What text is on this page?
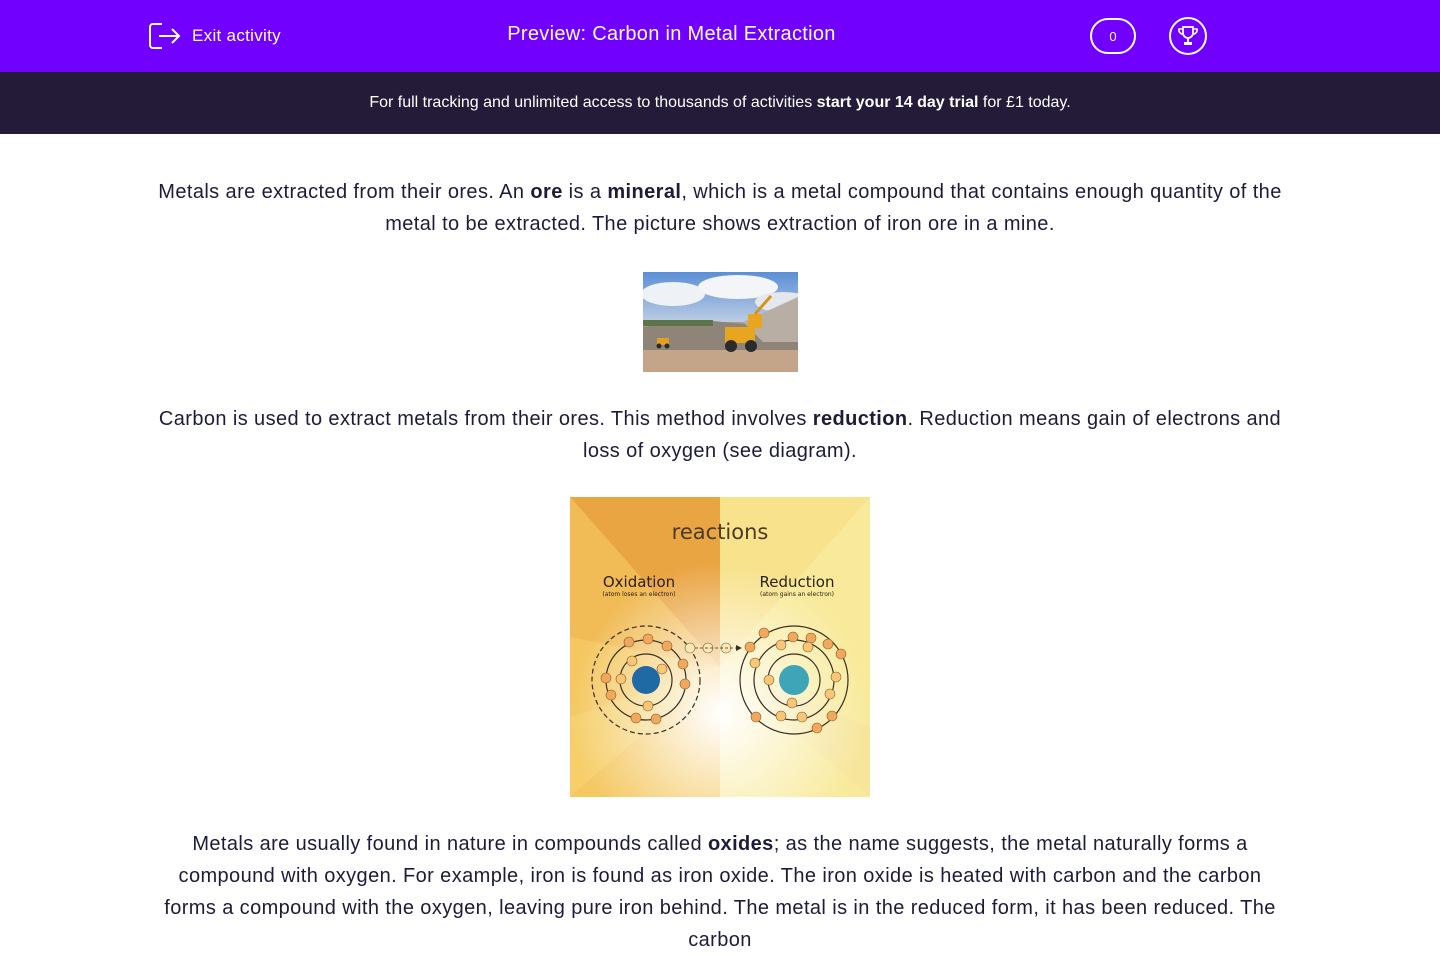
Exit activity	Preview: Carbon in Metal Extraction	0
For full tracking and unlimited access to thousands of activities start your 14 day trial for £1 today.

Metals are extracted from their ores. An ore is a mineral, which is a metal compound that contains enough quantity of the metal to be extracted. The picture shows extraction of iron ore in a mine.

Carbon is used to extract metals from their ores. This method involves reduction. Reduction means gain of electrons and loss of oxygen (see diagram).

reactions
Oxidation
(atom loses an electron)
Reduction
(atom gains an electron)

Metals are usually found in nature in compounds called oxides; as the name suggests, the metal naturally forms a compound with oxygen. For example, iron is found as iron oxide. The iron oxide is heated with carbon and the carbon forms a compound with the oxygen, leaving pure iron behind. The metal is in the reduced form, it has been reduced. The carbon
